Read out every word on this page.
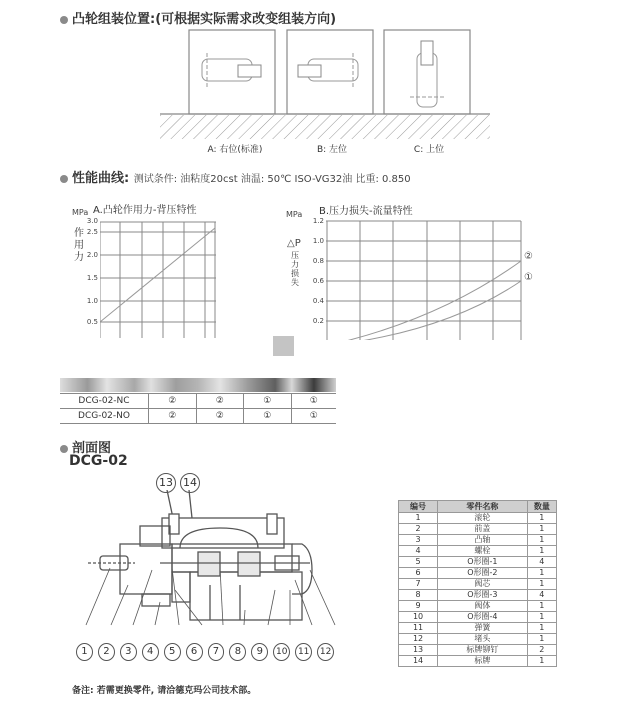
凸轮组装位置:(可根据实际需求改变组装方向)
A: 右位(标准)	B: 左位	C: 上位
性能曲线: 测试条件: 油粘度20cst 油温: 50℃ ISO-VG32油 比重: 0.850
MPa A.凸轮作用力-背压特性
作用力
3.0
2.5
2.0
1.5
1.0
0.5
MPa B.压力损失-流量特性
△P
压力损失
1.2
1.0
0.8
0.6
0.4
0.2
②
①
DCG-02-NC	②	②	①	①
DCG-02-NO	②	②	①	①
剖面图
DCG-02
13 14
1	2	3	4	5	6	7	8	9	10 11 12
编号	零件名称	数量
1	滚轮	1
2	前盖	1
3	凸轴	1
4	螺栓	1
5	O形圈-1	4
6	O形圈-2	1
7	阀芯	1
8	O形圈-3	4
9	阀体	1
10	O形圈-4	1
11	弹簧	1
12	堵头	1
13	标牌铆钉	2
14	标牌	1
备注: 若需更换零件, 请洽德克玛公司技术部。
